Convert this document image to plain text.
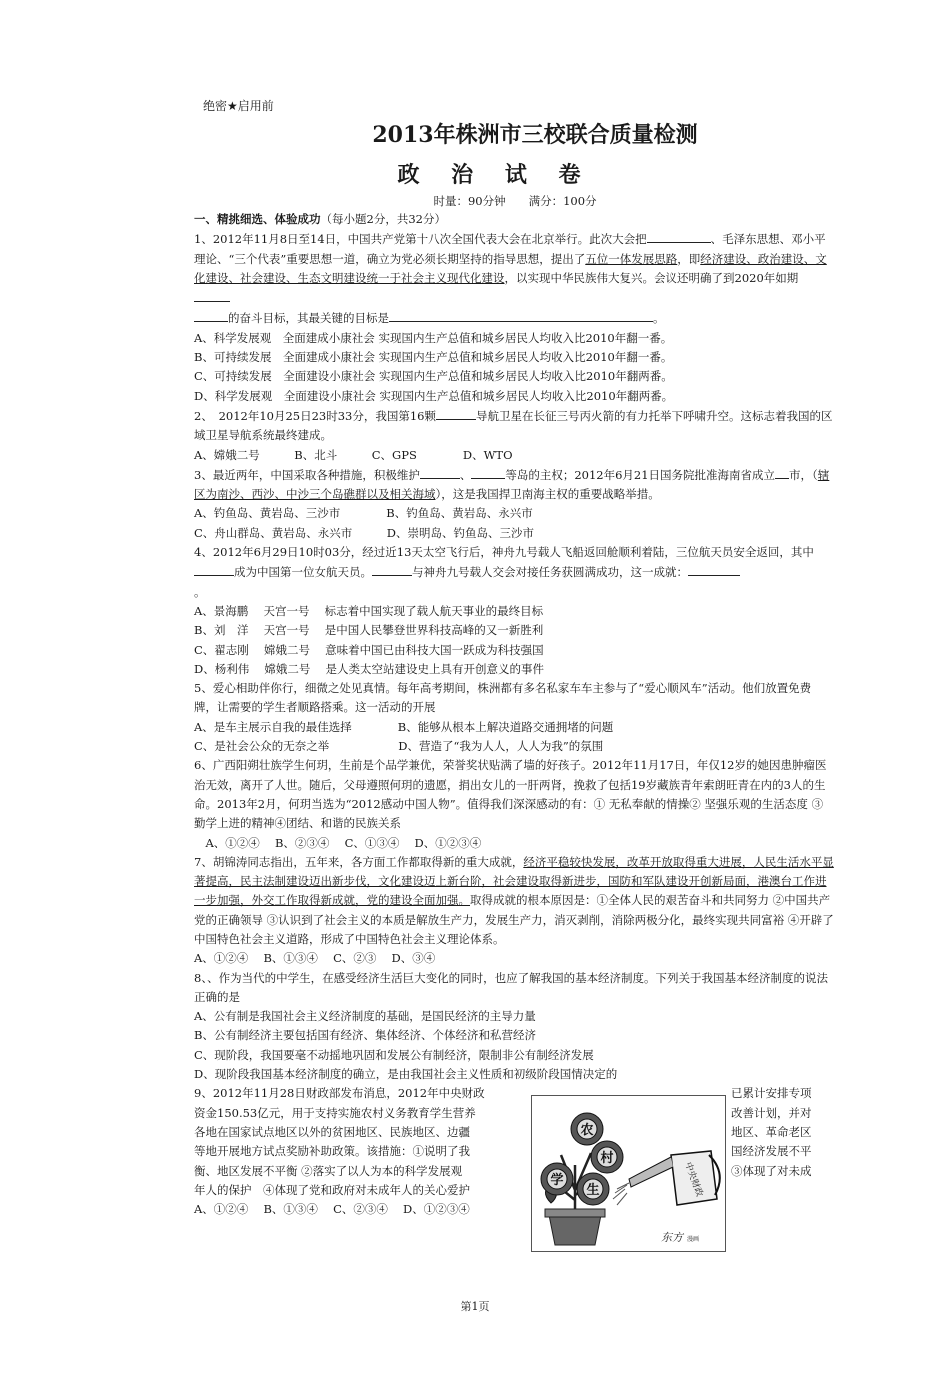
绝密★启用前
2013年株洲市三校联合质量检测
政 治 试 卷
时量：90分钟　　满分：100分

一、精挑细选、体验成功（每小题2分，共32分）

1、2012年11月8日至14日，中国共产党第十八次全国代表大会在北京举行。此次大会把	、毛泽东思想、邓小平理论、“三个代表”重要思想一道，确立为党必须长期坚持的指导思想，提出了五位一体发展思路，即经济建设、政治建设、文化建设、社会建设、生态文明建设统一于社会主义现代化建设，以实现中华民族伟大复兴。会议还明确了到2020年如期

的奋斗目标，其最关键的目标是	。

A、科学发展观　全面建成小康社会 实现国内生产总值和城乡居民人均收入比2010年翻一番。

B、可持续发展　全面建成小康社会 实现国内生产总值和城乡居民人均收入比2010年翻一番。

C、可持续发展　全面建设小康社会 实现国内生产总值和城乡居民人均收入比2010年翻两番。

D、科学发展观　全面建设小康社会 实现国内生产总值和城乡居民人均收入比2010年翻两番。

2、　2012年10月25日23时33分，我国第16颗	导航卫星在长征三号丙火箭的有力托举下呼啸升空。这标志着我国的区域卫星导航系统最终建成。

A、嫦娥二号　　　B、北斗　　　C、GPS　　　　D、WTO

3、最近两年，中国采取各种措施，积极维护	、	等岛的主权；2012年6月21日国务院批准海南省成立 市，（辖区为南沙、西沙、中沙三个岛礁群以及相关海域），这是我国捍卫南海主权的重要战略举措。

A、钓鱼岛、黄岩岛、三沙市　　　　B、钓鱼岛、黄岩岛、永兴市

C、舟山群岛、黄岩岛、永兴市　　　D、崇明岛、钓鱼岛、三沙市

4、2012年6月29日10时03分，经过近13天太空飞行后，神舟九号载人飞船返回舱顺利着陆，三位航天员安全返回，其中成为中国第一位女航天员。	与神舟九号载人交会对接任务获圆满成功，这一成就：

。

A、景海鹏　 天宫一号　 标志着中国实现了载人航天事业的最终目标

B、刘　洋　 天宫一号　 是中国人民攀登世界科技高峰的又一新胜利

C、翟志刚　 嫦娥二号　 意味着中国已由科技大国一跃成为科技强国

D、杨利伟　 嫦娥二号　 是人类太空站建设史上具有开创意义的事件

5、爱心相助伴你行，细微之处见真情。每年高考期间，株洲都有多名私家车车主参与了“爱心顺风车”活动。他们放置免费牌，让需要的学生者顺路搭乘。这一活动的开展

A、是车主展示自我的最佳选择　　　　B、能够从根本上解决道路交通拥堵的问题

C、是社会公众的无奈之举　　　　　　D、营造了“我为人人，人人为我”的氛围

6、广西阳朔壮族学生何玥，生前是个品学兼优，荣誉奖状贴满了墙的好孩子。2012年11月17日，年仅12岁的她因患肿瘤医治无效，离开了人世。随后，父母遵照何玥的遗愿，捐出女儿的一肝两肾，挽救了包括19岁藏族青年索朗旺青在内的3人的生命。2013年2月，何玥当选为“2012感动中国人物”。值得我们深深感动的有：① 无私奉献的情操② 坚强乐观的生活态度 ③勤学上进的精神④团结、和谐的民族关系

　A、①②④　 B、②③④　 C、①③④　 D、①②③④

7、胡锦涛同志指出，五年来，各方面工作都取得新的重大成就，经济平稳较快发展，改革开放取得重大进展，人民生活水平显著提高，民主法制建设迈出新步伐，文化建设迈上新台阶，社会建设取得新进步，国防和军队建设开创新局面，港澳台工作进一步加强，外交工作取得新成就，党的建设全面加强。取得成就的根本原因是：①全体人民的艰苦奋斗和共同努力 ②中国共产党的正确领导 ③认识到了社会主义的本质是解放生产力，发展生产力，消灭剥削，消除两极分化，最终实现共同富裕 ④开辟了中国特色社会主义道路，形成了中国特色社会主义理论体系。

A、①②④　 B、①③④　 C、②③　 D、③④

8、、作为当代的中学生，在感受经济生活巨大变化的同时，也应了解我国的基本经济制度。下列关于我国基本经济制度的说法正确的是

A、公有制是我国社会主义经济制度的基础，是国民经济的主导力量

B、公有制经济主要包括国有经济、集体经济、个体经济和私营经济

C、现阶段，我国要毫不动摇地巩固和发展公有制经济，限制非公有制经济发展

D、现阶段我国基本经济制度的确立，是由我国社会主义性质和初级阶段国情决定的

9、2012年11月28日财政部发布消息，2012年中央财政

资金150.53亿元，用于支持实施农村义务教育学生营养

各地在国家试点地区以外的贫困地区、民族地区、边疆

等地开展地方试点奖励补助政策。该措施：①说明了我

衡、地区发展不平衡 ②落实了以人为本的科学发展观

年人的保护　④体现了党和政府对未成年人的关心爱护

A、①②④　 B、①③④　 C、②③④　 D、①②③④

已累计安排专项

改善计划，并对

地区、革命老区

国经济发展不平

③体现了对未成

农
村
学
生	中央财政
东方 漫画
第1页
